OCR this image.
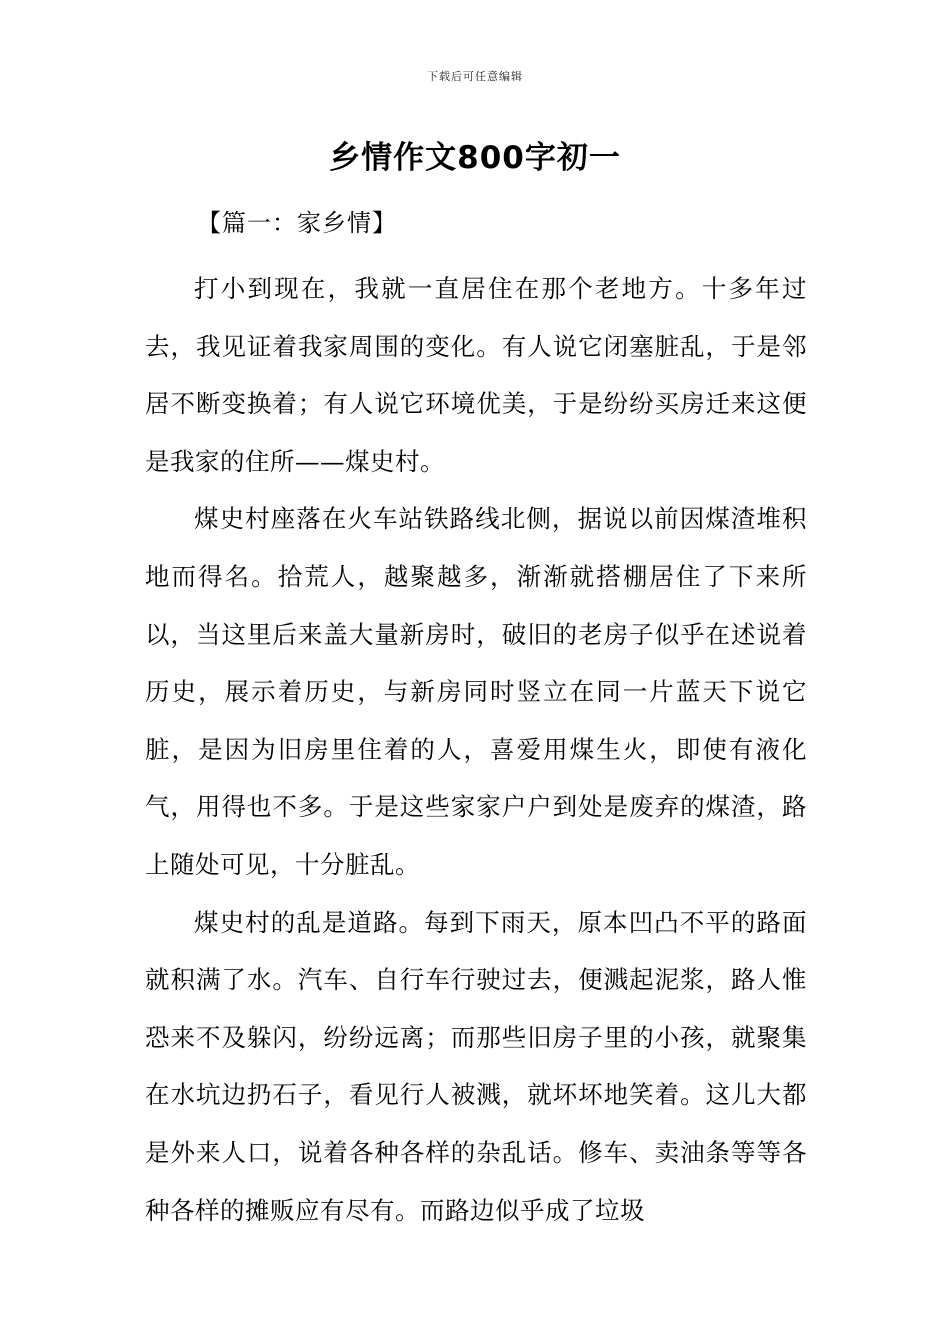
下载后可任意编辑
乡情作文800字初一
【篇一：家乡情】

打小到现在，我就一直居住在那个老地方。十多年过去，我见证着我家周围的变化。有人说它闭塞脏乱，于是邻居不断变换着；有人说它环境优美，于是纷纷买房迁来这便是我家的住所——煤史村。

煤史村座落在火车站铁路线北侧，据说以前因煤渣堆积地而得名。拾荒人，越聚越多，渐渐就搭棚居住了下来所以，当这里后来盖大量新房时，破旧的老房子似乎在述说着历史，展示着历史，与新房同时竖立在同一片蓝天下说它脏，是因为旧房里住着的人，喜爱用煤生火，即使有液化气，用得也不多。于是这些家家户户到处是废弃的煤渣，路上随处可见，十分脏乱。

煤史村的乱是道路。每到下雨天，原本凹凸不平的路面就积满了水。汽车、自行车行驶过去，便溅起泥浆，路人惟恐来不及躲闪，纷纷远离；而那些旧房子里的小孩，就聚集在水坑边扔石子，看见行人被溅，就坏坏地笑着。这儿大都是外来人口，说着各种各样的杂乱话。修车、卖油条等等各种各样的摊贩应有尽有。而路边似乎成了垃圾
